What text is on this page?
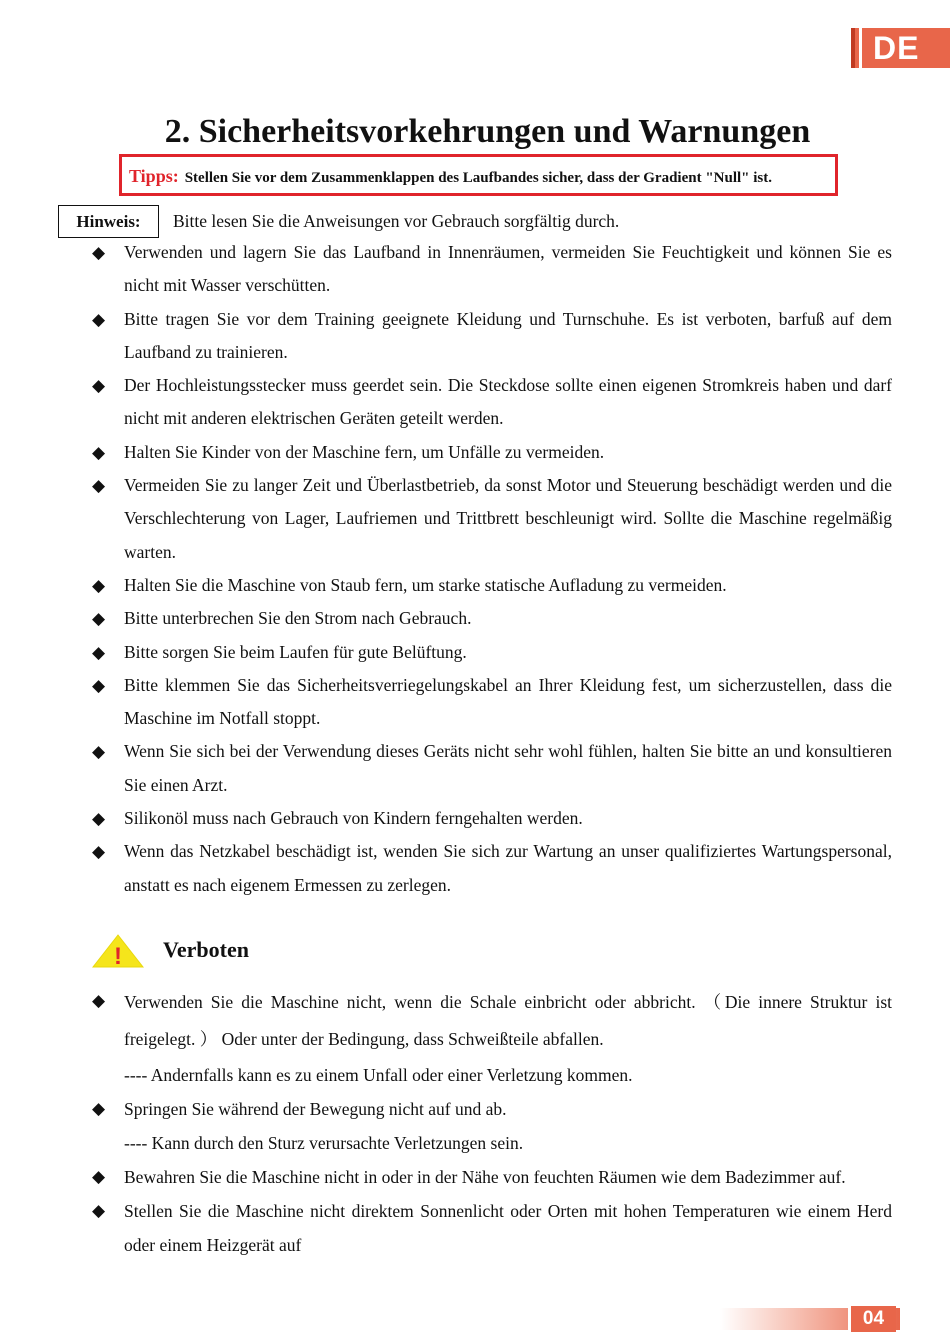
DE
2. Sicherheitsvorkehrungen und Warnungen
Tipps: Stellen Sie vor dem Zusammenklappen des Laufbandes sicher, dass der Gradient "Null" ist.
Hinweis:	Bitte lesen Sie die Anweisungen vor Gebrauch sorgfältig durch.
◆ Verwenden und lagern Sie das Laufband in Innenräumen, vermeiden Sie Feuchtigkeit und können Sie es nicht mit Wasser verschütten.
◆ Bitte tragen Sie vor dem Training geeignete Kleidung und Turnschuhe. Es ist verboten, barfuß auf dem Laufband zu trainieren.
◆ Der Hochleistungsstecker muss geerdet sein. Die Steckdose sollte einen eigenen Stromkreis haben und darf nicht mit anderen elektrischen Geräten geteilt werden.
◆ Halten Sie Kinder von der Maschine fern, um Unfälle zu vermeiden.
◆ Vermeiden Sie zu langer Zeit und Überlastbetrieb, da sonst Motor und Steuerung beschädigt werden und die Verschlechterung von Lager, Laufriemen und Trittbrett beschleunigt wird. Sollte die Maschine regelmäßig warten.
◆ Halten Sie die Maschine von Staub fern, um starke statische Aufladung zu vermeiden.
◆ Bitte unterbrechen Sie den Strom nach Gebrauch.
◆ Bitte sorgen Sie beim Laufen für gute Belüftung.
◆ Bitte klemmen Sie das Sicherheitsverriegelungskabel an Ihrer Kleidung fest, um sicherzustellen, dass die Maschine im Notfall stoppt.
◆ Wenn Sie sich bei der Verwendung dieses Geräts nicht sehr wohl fühlen, halten Sie bitte an und konsultieren Sie einen Arzt.
◆ Silikonöl muss nach Gebrauch von Kindern ferngehalten werden.
◆ Wenn das Netzkabel beschädigt ist, wenden Sie sich zur Wartung an unser qualifiziertes Wartungspersonal, anstatt es nach eigenem Ermessen zu zerlegen.
! Verboten
◆ Verwenden Sie die Maschine nicht, wenn die Schale einbricht oder abbricht. （Die innere Struktur ist freigelegt. ） Oder unter der Bedingung, dass Schweißteile abfallen.
---- Andernfalls kann es zu einem Unfall oder einer Verletzung kommen.
◆ Springen Sie während der Bewegung nicht auf und ab.
---- Kann durch den Sturz verursachte Verletzungen sein.
◆ Bewahren Sie die Maschine nicht in oder in der Nähe von feuchten Räumen wie dem Badezimmer auf.
◆ Stellen Sie die Maschine nicht direktem Sonnenlicht oder Orten mit hohen Temperaturen wie einem Herd oder einem Heizgerät auf
04
